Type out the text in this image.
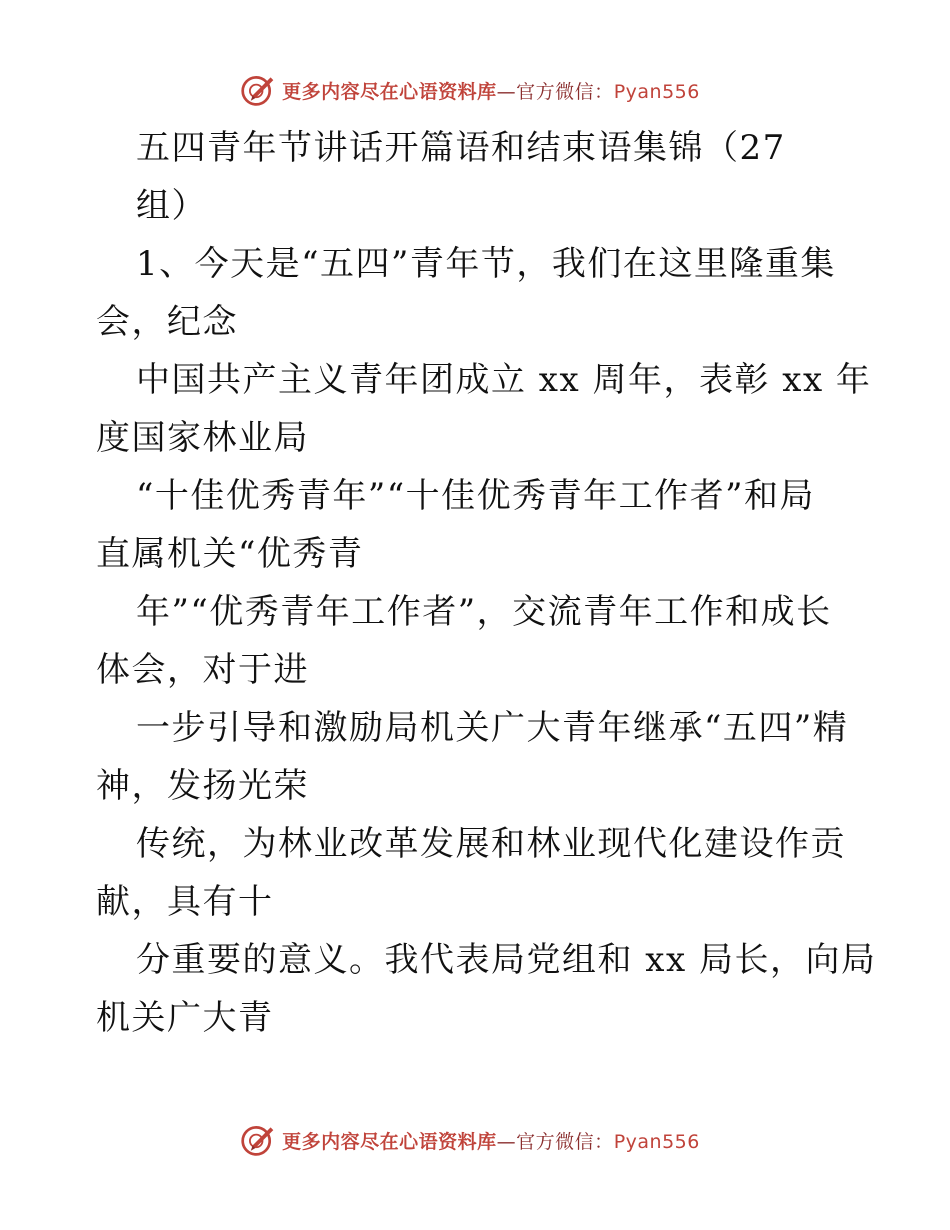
更多内容尽在心语资料库—官方微信：Pyan556
五四青年节讲话开篇语和结束语集锦（27
组）
1、今天是“五四”青年节，我们在这里隆重集
会，纪念
中国共产主义青年团成立 xx 周年，表彰 xx 年
度国家林业局
“十佳优秀青年”“十佳优秀青年工作者”和局
直属机关“优秀青
年”“优秀青年工作者”，交流青年工作和成长
体会，对于进
一步引导和激励局机关广大青年继承“五四”精
神，发扬光荣
传统，为林业改革发展和林业现代化建设作贡
献，具有十
分重要的意义。我代表局党组和 xx 局长，向局
机关广大青
更多内容尽在心语资料库—官方微信：Pyan556
